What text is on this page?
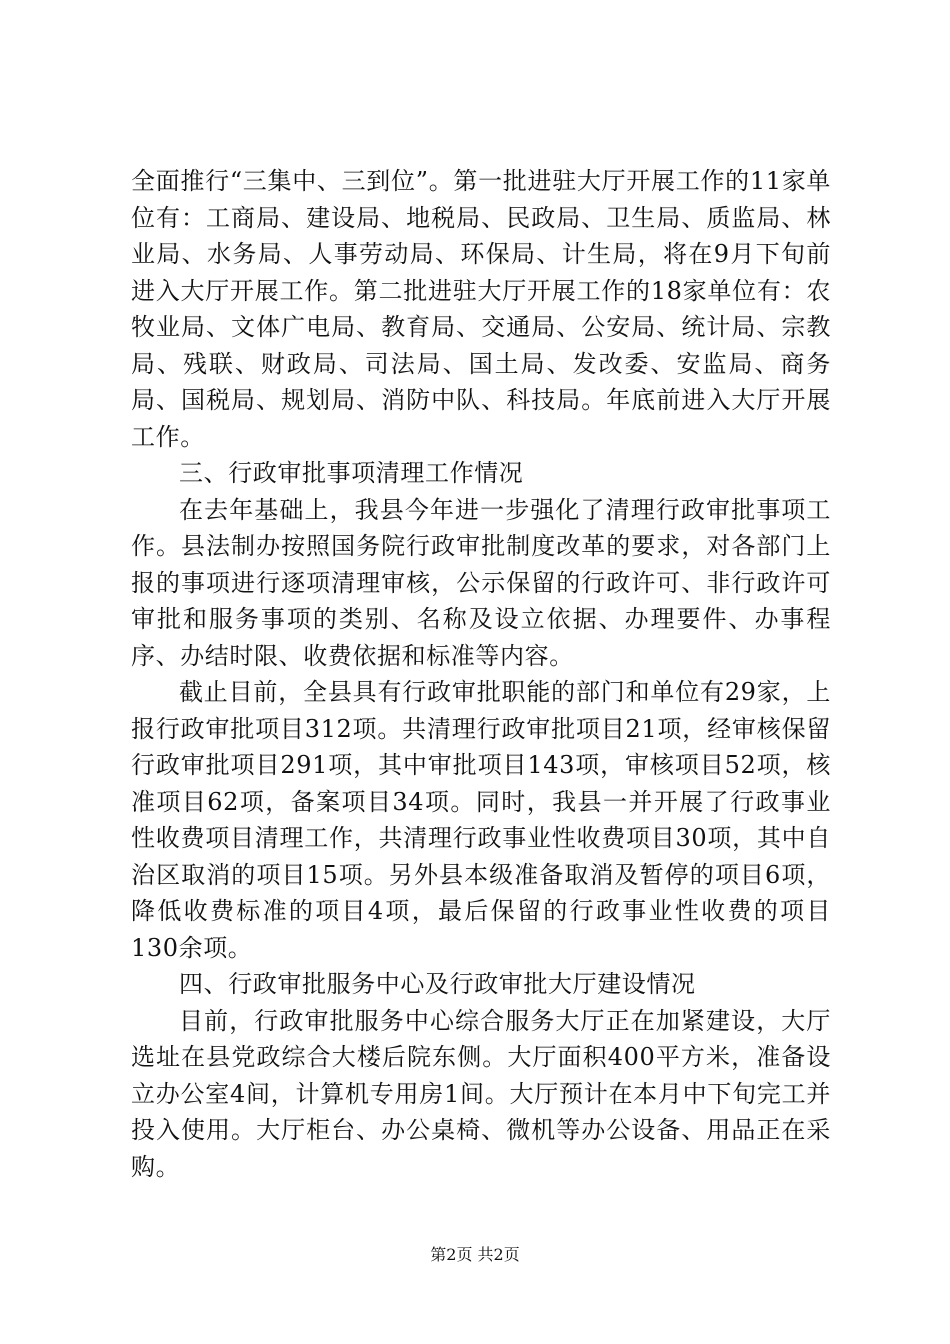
全面推行“三集中、三到位”。第一批进驻大厅开展工作的11家单位有：工商局、建设局、地税局、民政局、卫生局、质监局、林业局、水务局、人事劳动局、环保局、计生局，将在9月下旬前进入大厅开展工作。第二批进驻大厅开展工作的18家单位有：农牧业局、文体广电局、教育局、交通局、公安局、统计局、宗教局、残联、财政局、司法局、国土局、发改委、安监局、商务局、国税局、规划局、消防中队、科技局。年底前进入大厅开展工作。

三、行政审批事项清理工作情况

在去年基础上，我县今年进一步强化了清理行政审批事项工作。县法制办按照国务院行政审批制度改革的要求，对各部门上报的事项进行逐项清理审核，公示保留的行政许可、非行政许可审批和服务事项的类别、名称及设立依据、办理要件、办事程序、办结时限、收费依据和标准等内容。

截止目前，全县具有行政审批职能的部门和单位有29家，上报行政审批项目312项。共清理行政审批项目21项，经审核保留行政审批项目291项，其中审批项目143项，审核项目52项，核准项目62项，备案项目34项。同时，我县一并开展了行政事业性收费项目清理工作，共清理行政事业性收费项目30项，其中自治区取消的项目15项。另外县本级准备取消及暂停的项目6项，降低收费标准的项目4项，最后保留的行政事业性收费的项目130余项。

四、行政审批服务中心及行政审批大厅建设情况

目前，行政审批服务中心综合服务大厅正在加紧建设，大厅选址在县党政综合大楼后院东侧。大厅面积400平方米，准备设立办公室4间，计算机专用房1间。大厅预计在本月中下旬完工并投入使用。大厅柜台、办公桌椅、微机等办公设备、用品正在采购。

第2页 共2页
